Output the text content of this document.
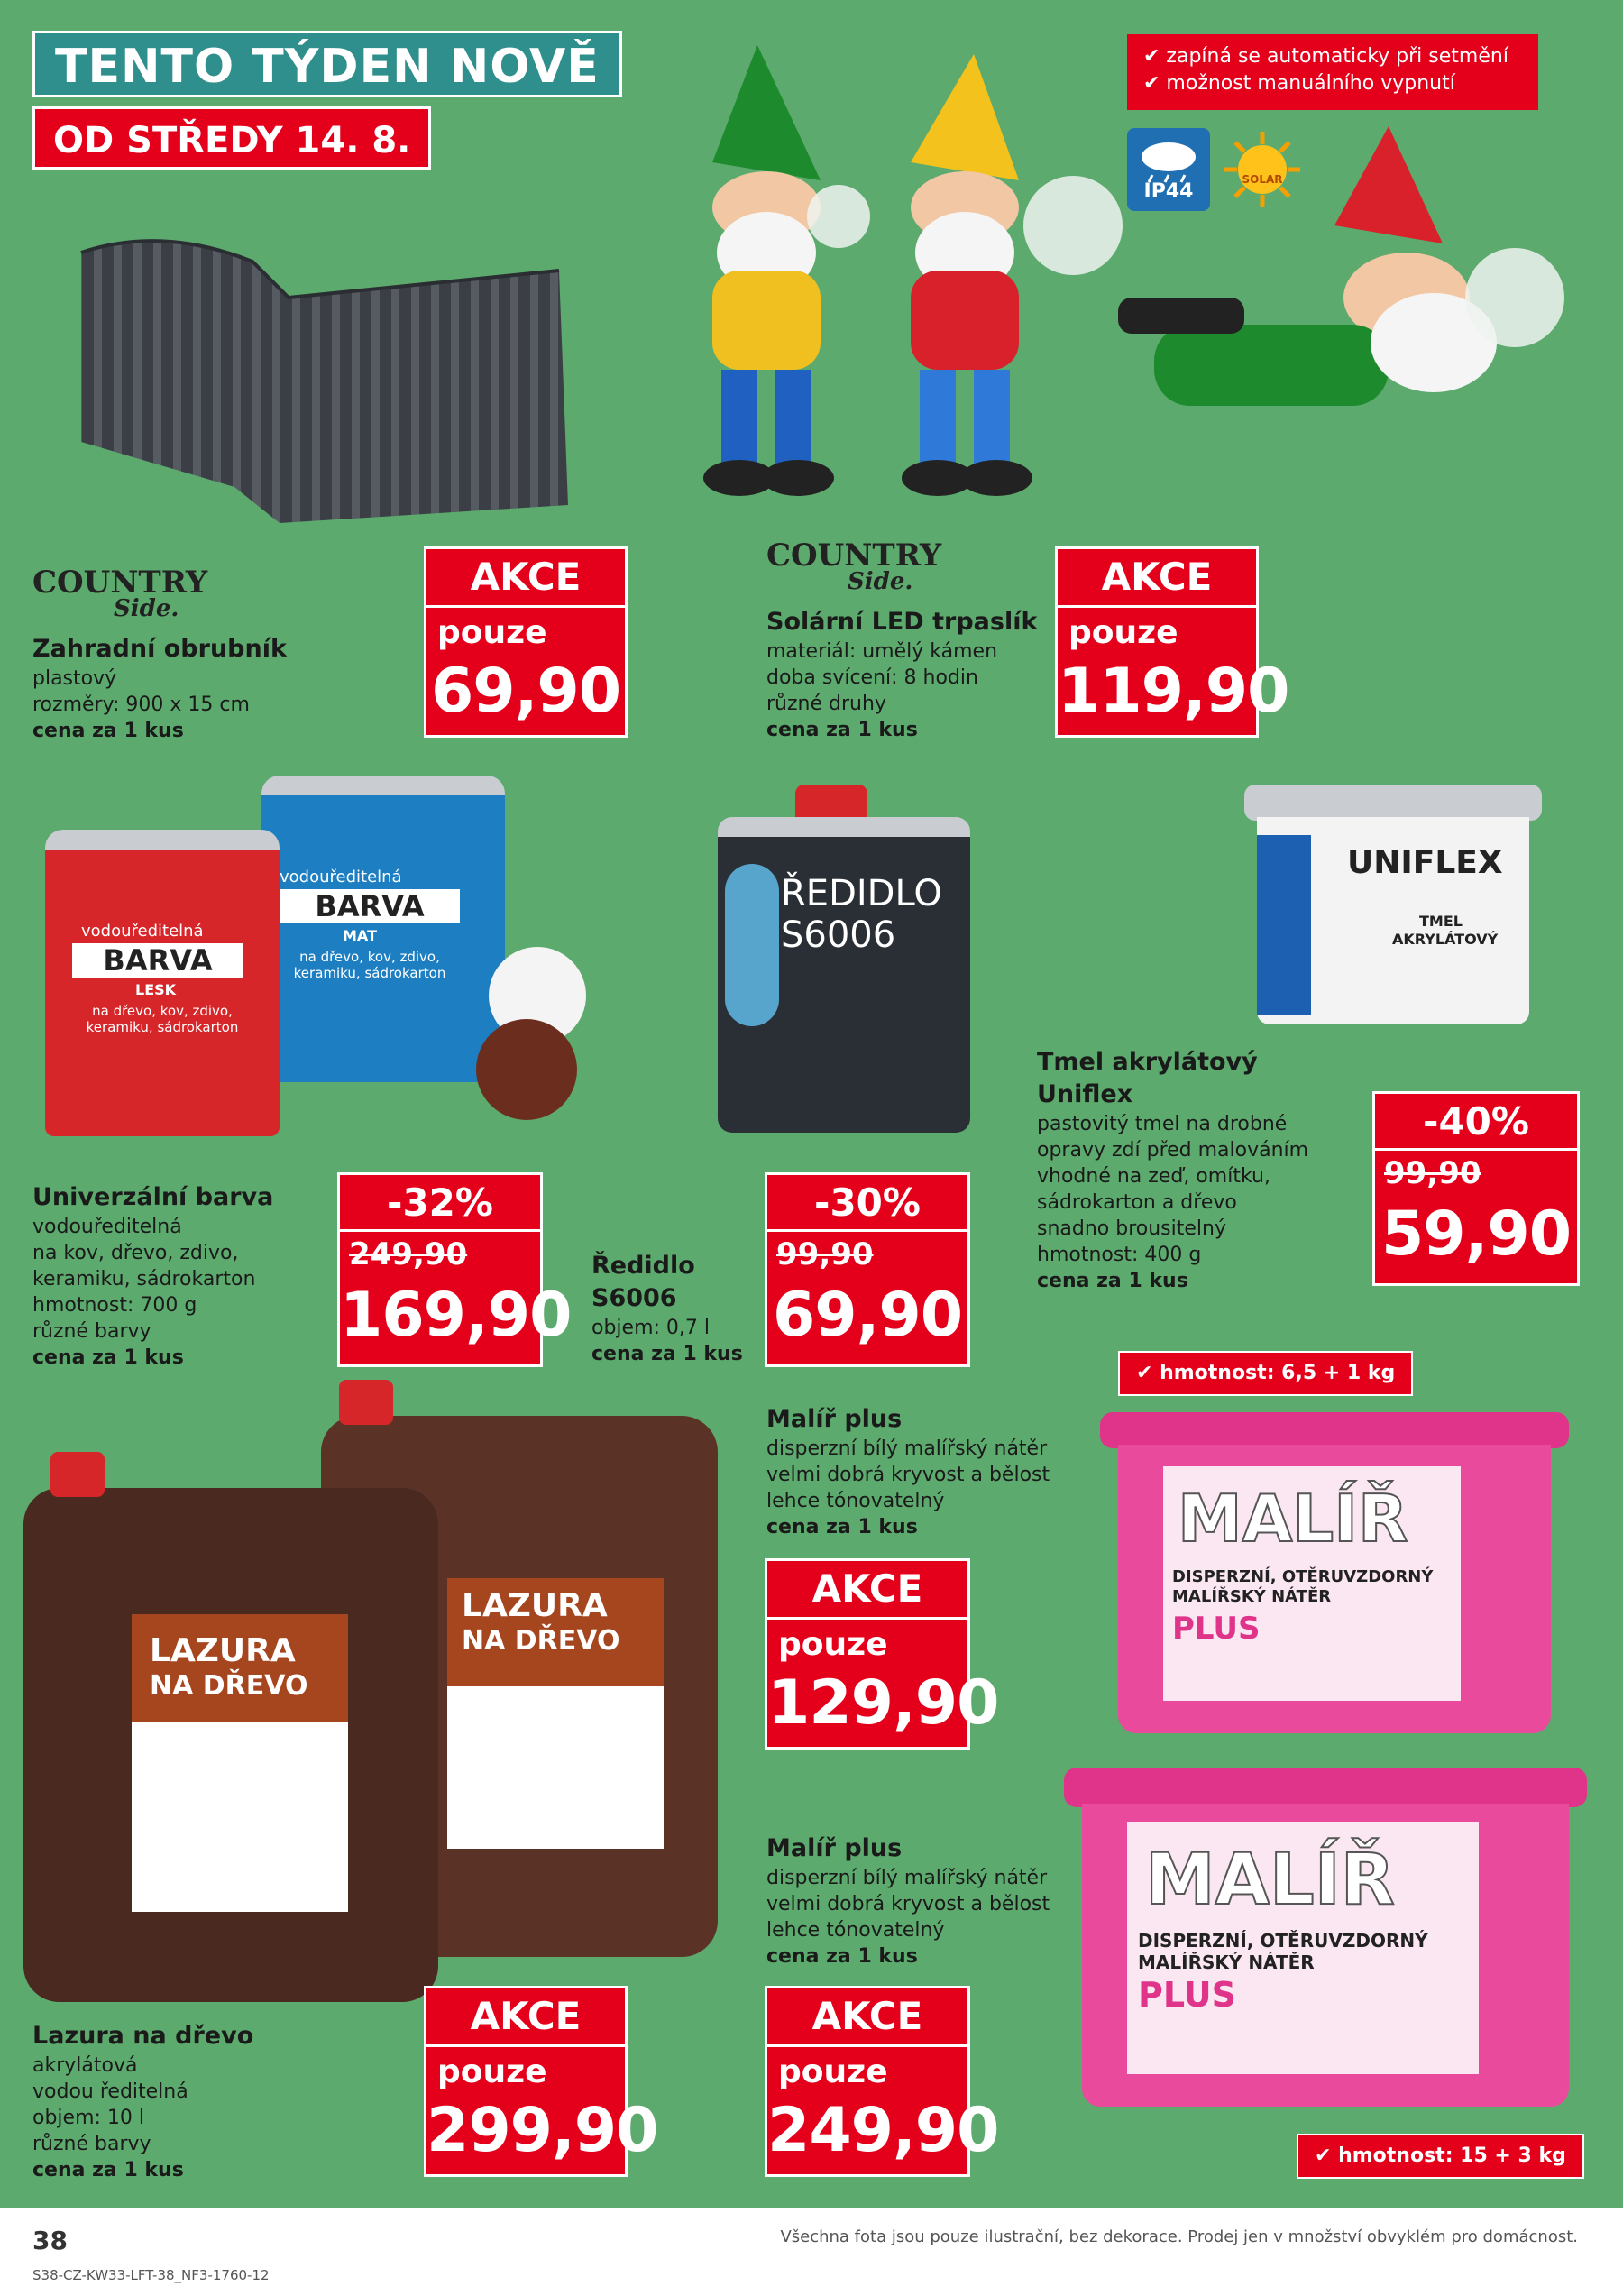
TENTO TÝDEN NOVĚ
OD STŘEDY 14. 8.
✔ zapíná se automaticky při setmění
✔ možnost manuálního vypnutí
IP44
SOLAR
COUNTRY
Side.
Zahradní obrubník
plastový
rozměry: 900 x 15 cm
cena za 1 kus
AKCE
pouze
69,90
COUNTRY
Side.
Solární LED trpaslík
materiál: umělý kámen
doba svícení: 8 hodin
různé druhy
cena za 1 kus
AKCE
pouze
119,90
vodouředitelná
BARVA
MAT
na dřevo, kov, zdivo, keramiku, sádrokarton
vodouředitelná
BARVA
LESK
na dřevo, kov, zdivo, keramiku, sádrokarton
Univerzální barva
vodouředitelná
na kov, dřevo, zdivo,
keramiku, sádrokarton
hmotnost: 700 g
různé barvy
cena za 1 kus
-32%
249,90
169,90
ŘEDIDLO
S6006
Ředidlo
S6006
objem: 0,7 l
cena za 1 kus
-30%
99,90
69,90
UNIFLEX
TMEL
AKRYLÁTOVÝ
Tmel akrylátový
Uniflex
pastovitý tmel na drobné
opravy zdí před malováním
vhodné na zeď, omítku,
sádrokarton a dřevo
snadno brousitelný
hmotnost: 400 g
cena za 1 kus
-40%
99,90
59,90
LAZURA
NA DŘEVO
LAZURA
NA DŘEVO
Lazura na dřevo
akrylátová
vodou ředitelná
objem: 10 l
různé barvy
cena za 1 kus
AKCE
pouze
299,90
Malíř plus
disperzní bílý malířský nátěr
velmi dobrá kryvost a bělost
lehce tónovatelný
cena za 1 kus
AKCE
pouze
129,90
✔ hmotnost: 6,5 + 1 kg
MALÍŘ
DISPERZNÍ, OTĚRUVZDORNÝ
MALÍŘSKÝ NÁTĚR
PLUS
Malíř plus
disperzní bílý malířský nátěr
velmi dobrá kryvost a bělost
lehce tónovatelný
cena za 1 kus
AKCE
pouze
249,90
MALÍŘ
DISPERZNÍ, OTĚRUVZDORNÝ
MALÍŘSKÝ NÁTĚR
PLUS
✔ hmotnost: 15 + 3 kg
38
S38-CZ-KW33-LFT-38_NF3-1760-12
Všechna fota jsou pouze ilustrační, bez dekorace. Prodej jen v množství obvyklém pro domácnost.
